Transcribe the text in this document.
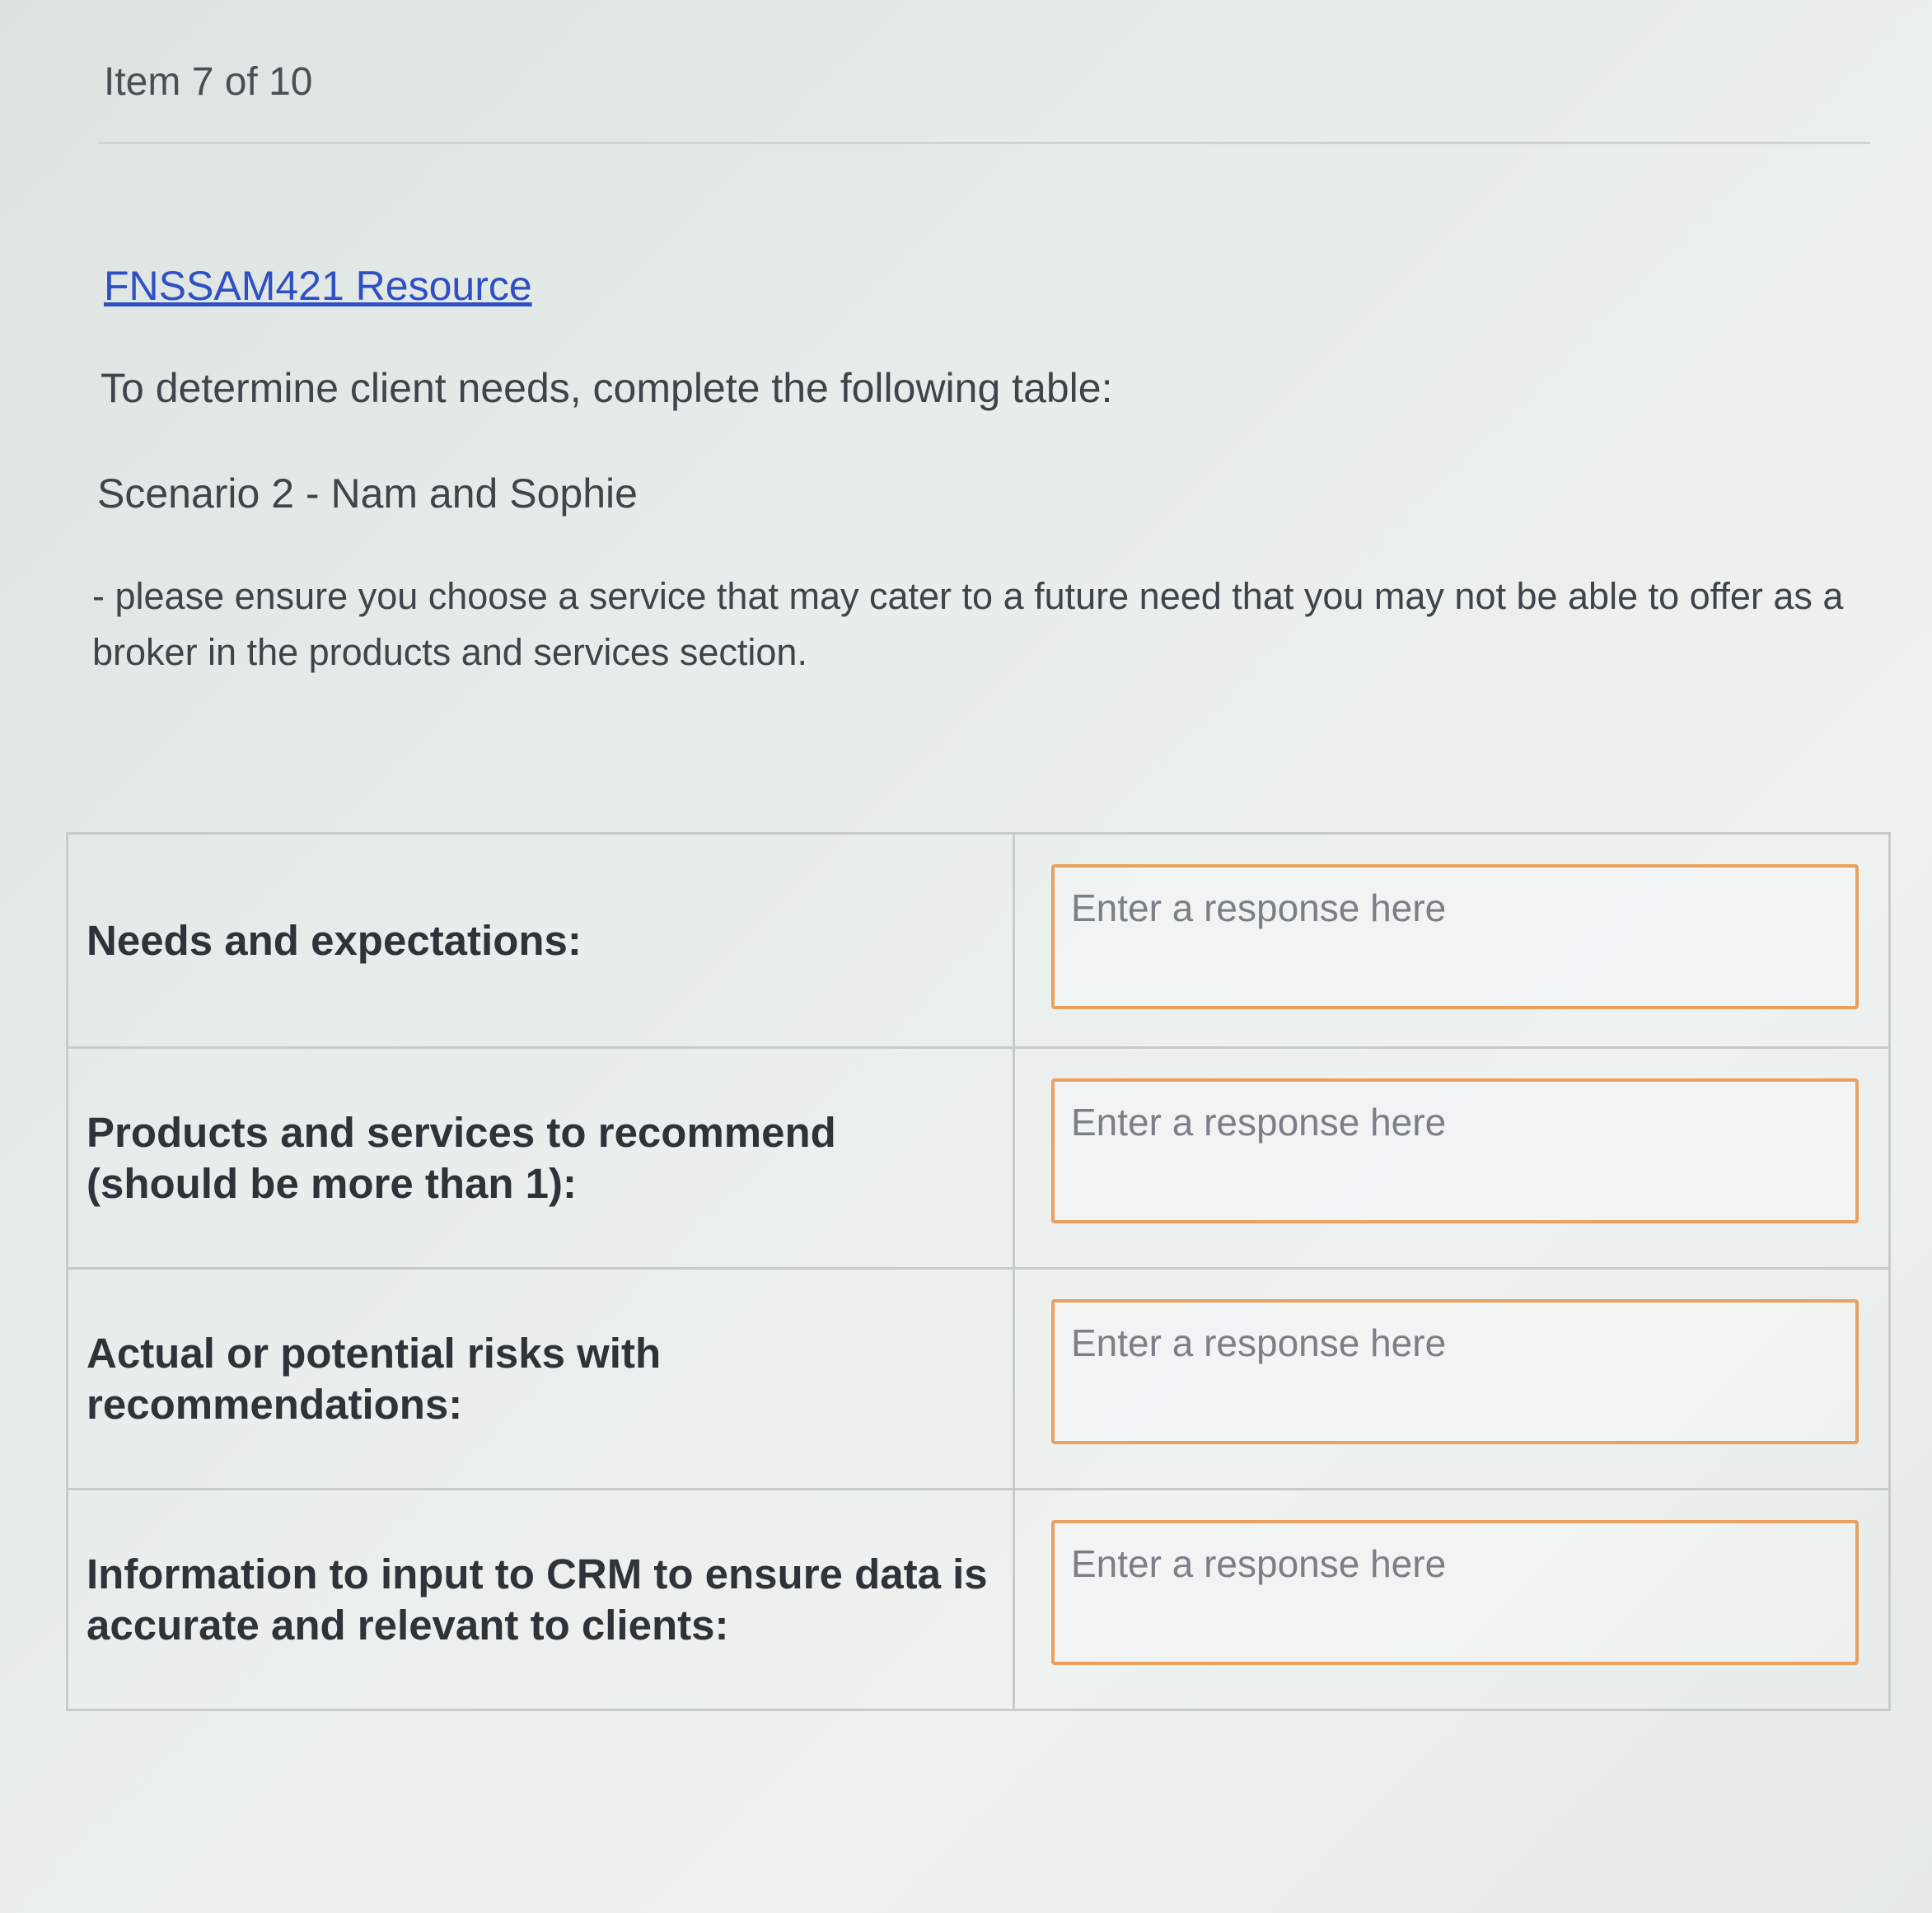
Item 7 of 10
FNSSAM421 Resource
To determine client needs, complete the following table:
Scenario 2 - Nam and Sophie
- please ensure you choose a service that may cater to a future need that you may not be able to offer as a broker in the products and services section.
Needs and expectations:	
Enter a response here
Products and services to recommend (should be more than 1):	
Enter a response here
Actual or potential risks with recommendations:	
Enter a response here
Information to input to CRM to ensure data is accurate and relevant to clients:	
Enter a response here
